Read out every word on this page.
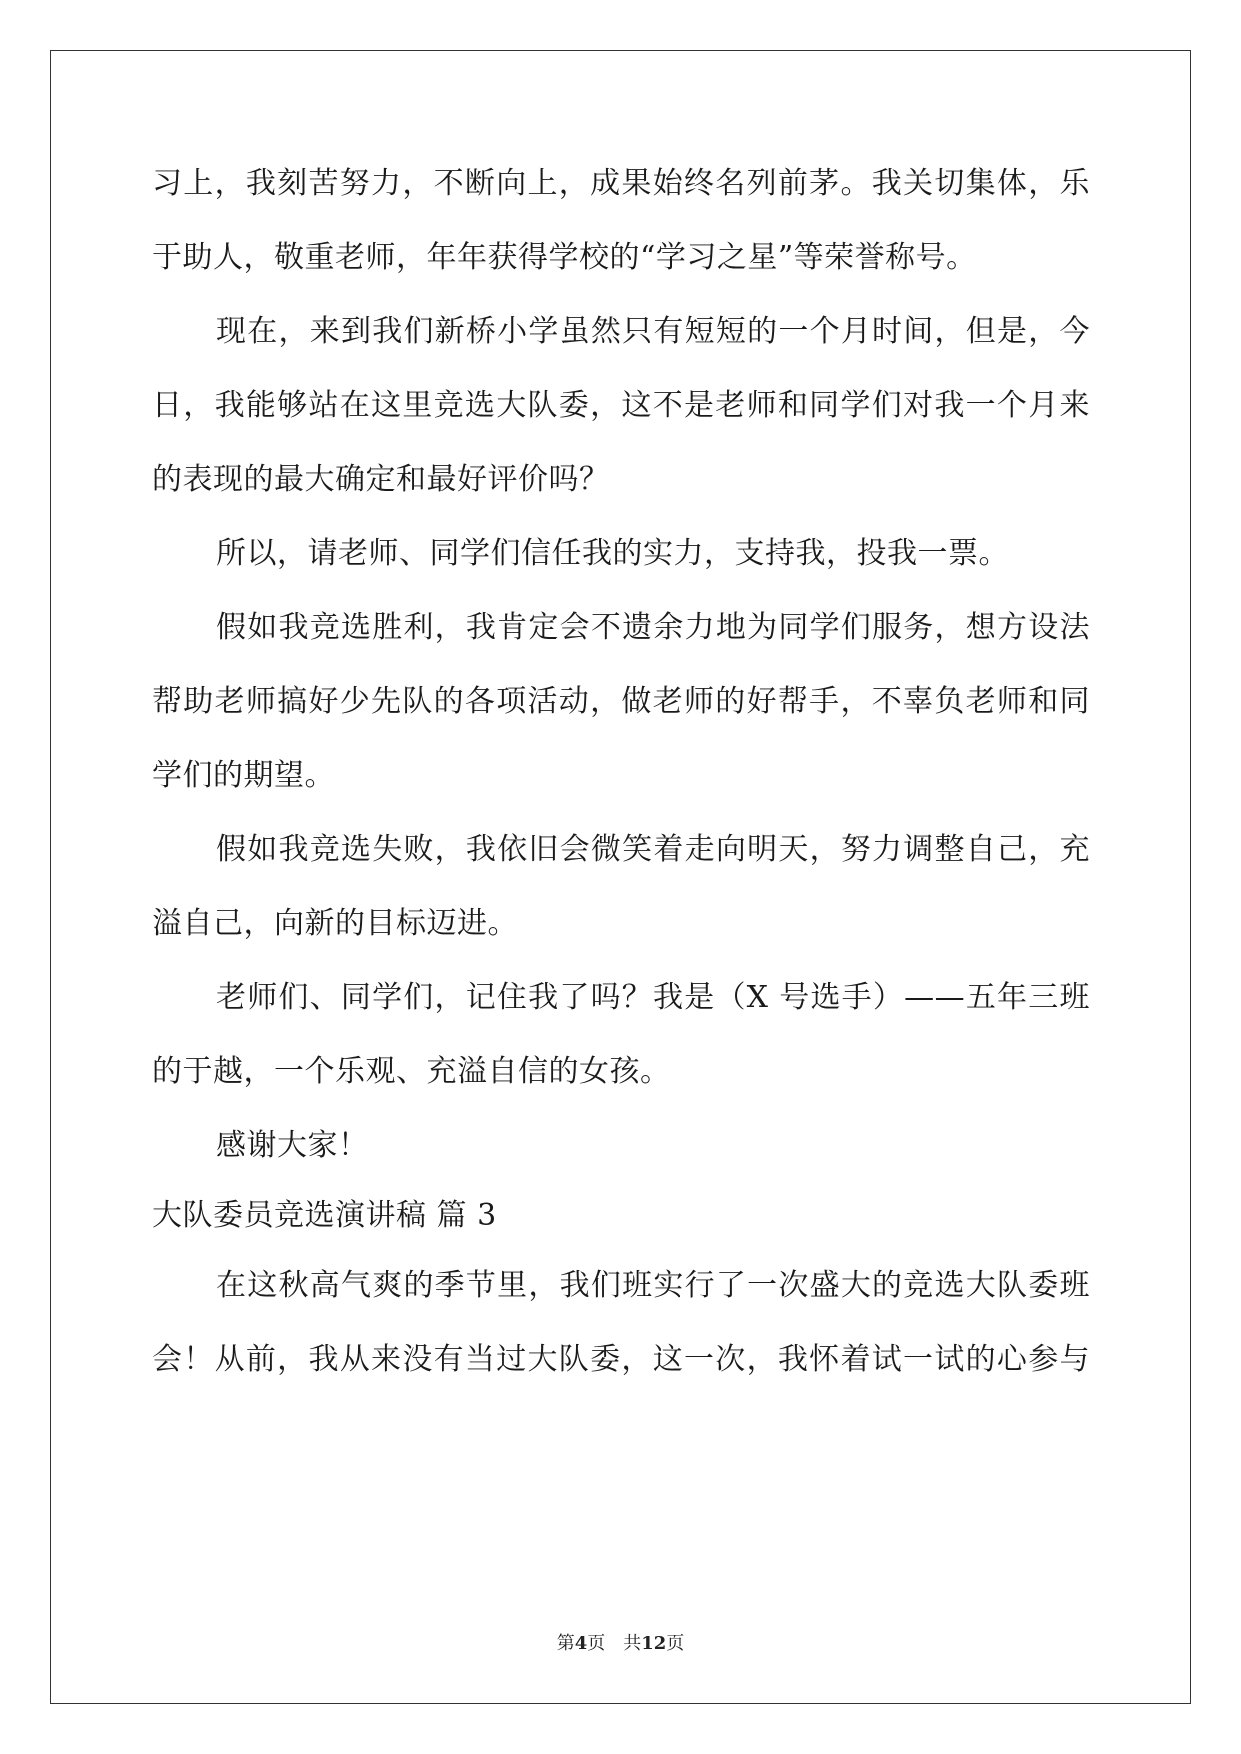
习上，我刻苦努力，不断向上，成果始终名列前茅。我关切集体，乐
于助人，敬重老师，年年获得学校的“学习之星”等荣誉称号。
现在，来到我们新桥小学虽然只有短短的一个月时间，但是，今
日，我能够站在这里竞选大队委，这不是老师和同学们对我一个月来
的表现的最大确定和最好评价吗？
所以，请老师、同学们信任我的实力，支持我，投我一票。
假如我竞选胜利，我肯定会不遗余力地为同学们服务，想方设法
帮助老师搞好少先队的各项活动，做老师的好帮手，不辜负老师和同
学们的期望。
假如我竞选失败，我依旧会微笑着走向明天，努力调整自己，充
溢自己，向新的目标迈进。
老师们、同学们，记住我了吗？我是（X 号选手）——五年三班
的于越，一个乐观、充溢自信的女孩。
感谢大家！
大队委员竞选演讲稿 篇 3
在这秋高气爽的季节里，我们班实行了一次盛大的竞选大队委班
会！从前，我从来没有当过大队委，这一次，我怀着试一试的心参与
第4页　共12页
